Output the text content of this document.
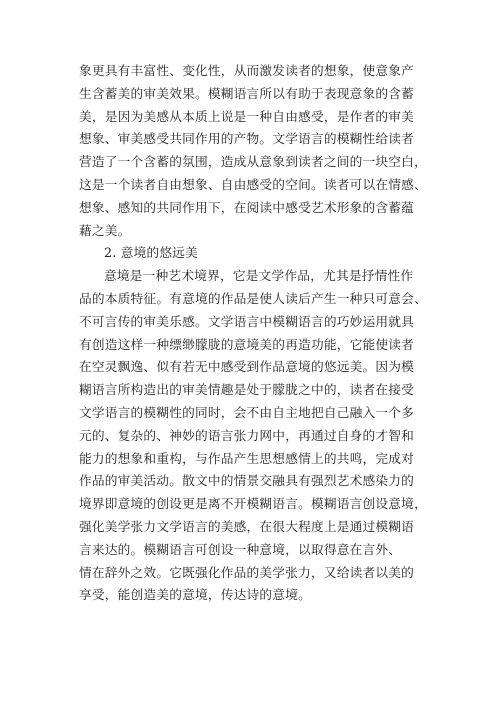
象更具有丰富性、变化性，从而激发读者的想象，使意象产
生含蓄美的审美效果。模糊语言所以有助于表现意象的含蓄
美，是因为美感从本质上说是一种自由感受，是作者的审美
想象、审美感受共同作用的产物。文学语言的模糊性给读者
营造了一个含蓄的氛围，造成从意象到读者之间的一块空白，
这是一个读者自由想象、自由感受的空间。读者可以在情感、
想象、感知的共同作用下，在阅读中感受艺术形象的含蓄蕴
藉之美。
2. 意境的悠远美
意境是一种艺术境界，它是文学作品，尤其是抒情性作
品的本质特征。有意境的作品是使人读后产生一种只可意会、
不可言传的审美乐感。文学语言中模糊语言的巧妙运用就具
有创造这样一种缥缈朦胧的意境美的再造功能，它能使读者
在空灵飘逸、似有若无中感受到作品意境的悠远美。因为模
糊语言所构造出的审美情趣是处于朦胧之中的，读者在接受
文学语言的模糊性的同时，会不由自主地把自己融入一个多
元的、复杂的、神妙的语言张力网中，再通过自身的才智和
能力的想象和重构，与作品产生思想感情上的共鸣，完成对
作品的审美活动。散文中的情景交融具有强烈艺术感染力的
境界即意境的创设更是离不开模糊语言。模糊语言创设意境，
强化美学张力文学语言的美感，在很大程度上是通过模糊语
言来达的。模糊语言可创设一种意境，以取得意在言外、
情在辞外之效。它既强化作品的美学张力，又给读者以美的
享受，能创造美的意境，传达诗的意境。
